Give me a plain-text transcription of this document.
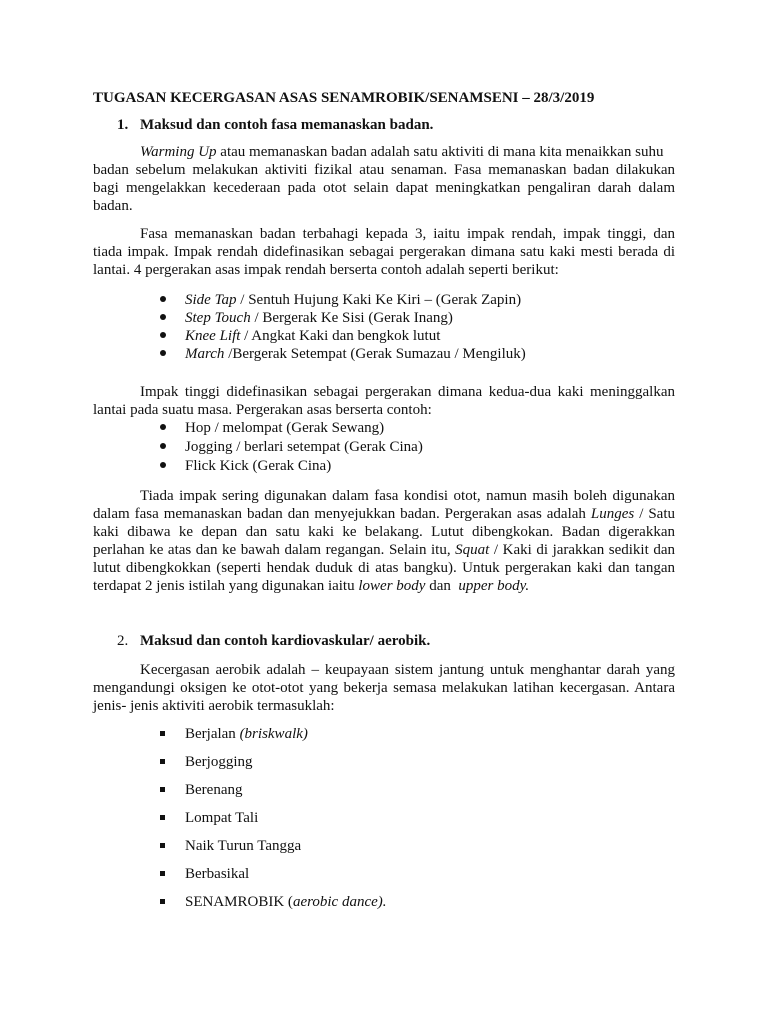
TUGASAN KECERGASAN ASAS SENAMROBIK/SENAMSENI – 28/3/2019
1. Maksud dan contoh fasa memanaskan badan.
Warming Up atau memanaskan badan adalah satu aktiviti di mana kita menaikkan suhu
badan sebelum melakukan aktiviti fizikal atau senaman. Fasa memanaskan badan dilakukan
bagi mengelakkan kecederaan pada otot selain dapat meningkatkan pengaliran darah dalam
badan.
Fasa memanaskan badan terbahagi kepada 3, iaitu impak rendah, impak tinggi, dan
tiada impak. Impak rendah didefinasikan sebagai pergerakan dimana satu kaki mesti berada di
lantai. 4 pergerakan asas impak rendah berserta contoh adalah seperti berikut:
Side Tap / Sentuh Hujung Kaki Ke Kiri – (Gerak Zapin)
Step Touch / Bergerak Ke Sisi (Gerak Inang)
Knee Lift / Angkat Kaki dan bengkok lutut
March /Bergerak Setempat (Gerak Sumazau / Mengiluk)
Impak tinggi didefinasikan sebagai pergerakan dimana kedua-dua kaki meninggalkan
lantai pada suatu masa. Pergerakan asas berserta contoh:
Hop / melompat (Gerak Sewang)
Jogging / berlari setempat (Gerak Cina)
Flick Kick (Gerak Cina)
Tiada impak sering digunakan dalam fasa kondisi otot, namun masih boleh digunakan
dalam fasa memanaskan badan dan menyejukkan badan. Pergerakan asas adalah Lunges / Satu
kaki dibawa ke depan dan satu kaki ke belakang. Lutut dibengkokan. Badan digerakkan
perlahan ke atas dan ke bawah dalam regangan. Selain itu, Squat / Kaki di jarakkan sedikit dan
lutut dibengkokkan (seperti hendak duduk di atas bangku). Untuk pergerakan kaki dan tangan
terdapat 2 jenis istilah yang digunakan iaitu lower body dan  upper body.
2. Maksud dan contoh kardiovaskular/ aerobik.
Kecergasan aerobik adalah – keupayaan sistem jantung untuk menghantar darah yang
mengandungi oksigen ke otot-otot yang bekerja semasa melakukan latihan kecergasan. Antara
jenis- jenis aktiviti aerobik termasuklah:
Berjalan (briskwalk)
Berjogging
Berenang
Lompat Tali
Naik Turun Tangga
Berbasikal
SENAMROBIK (aerobic dance).
